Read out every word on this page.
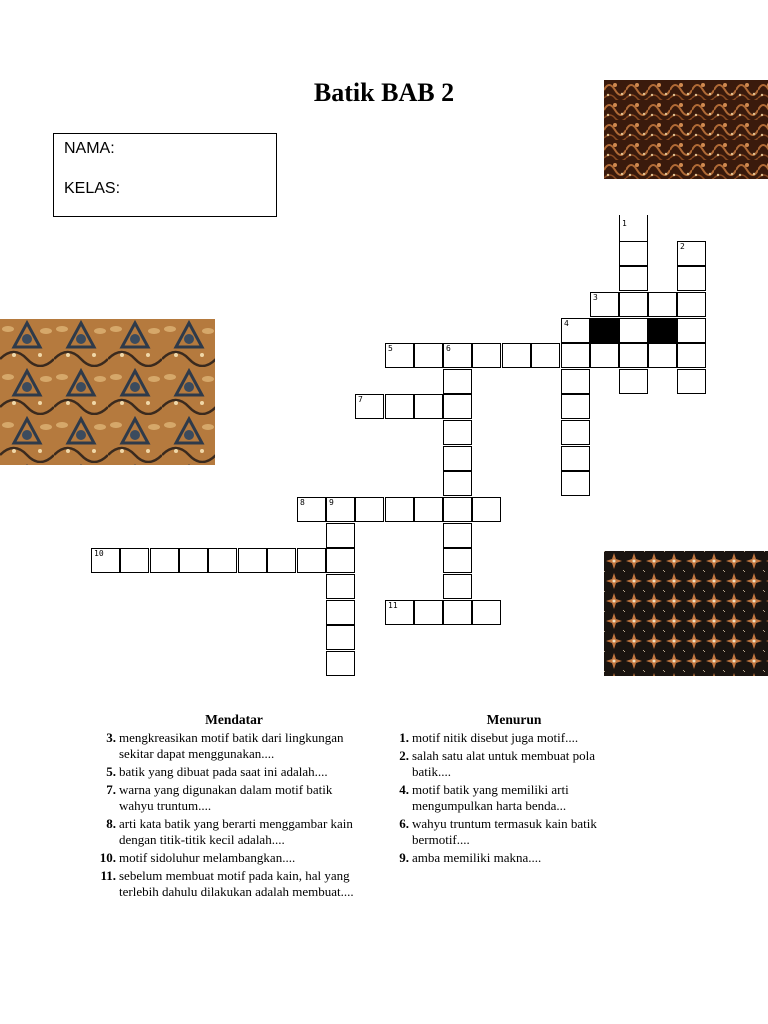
Batik BAB 2
NAMA:
KELAS:
1
2
3
4
5	6
7
8	9
10
11
Mendatar
3. mengkreasikan motif batik dari lingkungan sekitar dapat menggunakan....
5. batik yang dibuat pada saat ini adalah....
7. warna yang digunakan dalam motif batik wahyu truntum....
8. arti kata batik yang berarti menggambar kain dengan titik-titik kecil adalah....
10. motif sidoluhur melambangkan....
11. sebelum membuat motif pada kain, hal yang terlebih dahulu dilakukan adalah membuat....
Menurun
1. motif nitik disebut juga motif....
2. salah satu alat untuk membuat pola batik....
4. motif batik yang memiliki arti mengumpulkan harta benda...
6. wahyu truntum termasuk kain batik bermotif....
9. amba memiliki makna....
